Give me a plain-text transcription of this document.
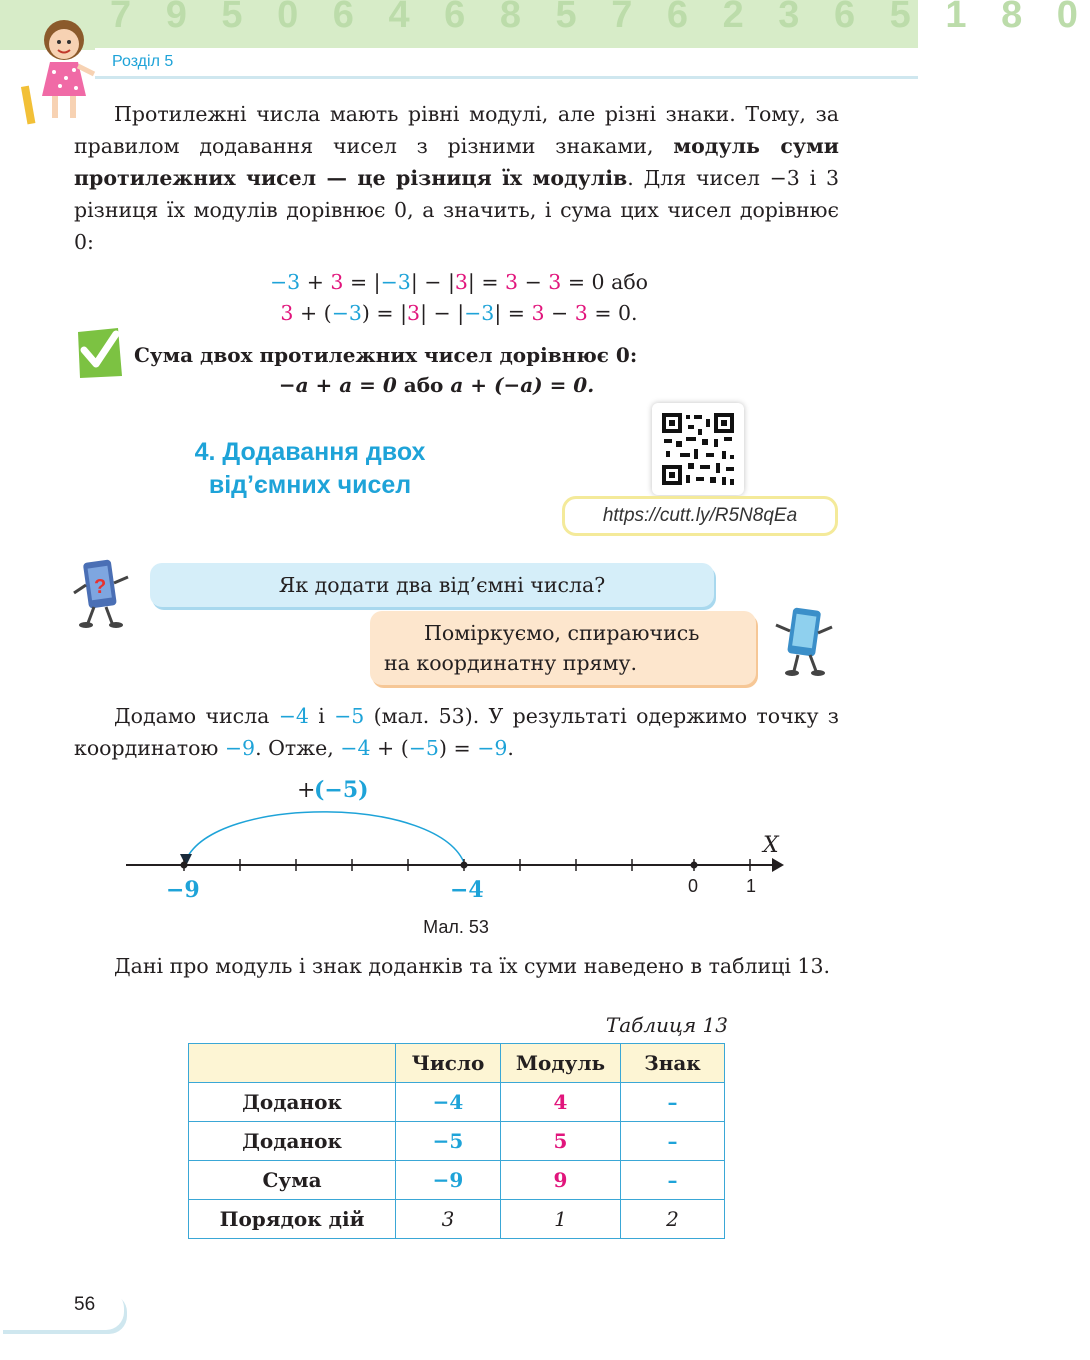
7 9 5 0 6 4 6 8 5 7 6 2 3 6 5 1 8 0
Розділ 5
Протилежні числа мають рівні модулі, але різні знаки. Тому, за правилом додавання чисел з різними знаками, модуль суми протилежних чисел — це різниця їх модулів. Для чисел −3 і 3 різниця їх модулів дорівнює 0, а значить, і сума цих чисел дорівнює 0:
−3 + 3 = |−3| − |3| = 3 − 3 = 0 або
3 + (−3) = |3| − |−3| = 3 − 3 = 0.
Сума двох протилежних чисел дорівнює 0:
−a + a = 0 або a + (−a) = 0.
4. Додавання двох
від’ємних чисел
https://cutt.ly/R5N8qEa
?	Як додати два від’ємні числа?
Поміркуємо, спираючись
на координатну пряму.
Додамо числа −4 і −5 (мал. 53). У результаті одержимо точку з координатою −9. Отже, −4 + (−5) = −9.
+
(−5)
X
−9	−4	0	1
Мал. 53
Дані про модуль і знак доданків та їх суми наведено в таблиці 13.
Таблиця 13
	Число	Модуль	Знак
Доданок	−4	4	–
Доданок	−5	5	–
Сума	−9	9	–
Порядок дій	3	1	2
56
